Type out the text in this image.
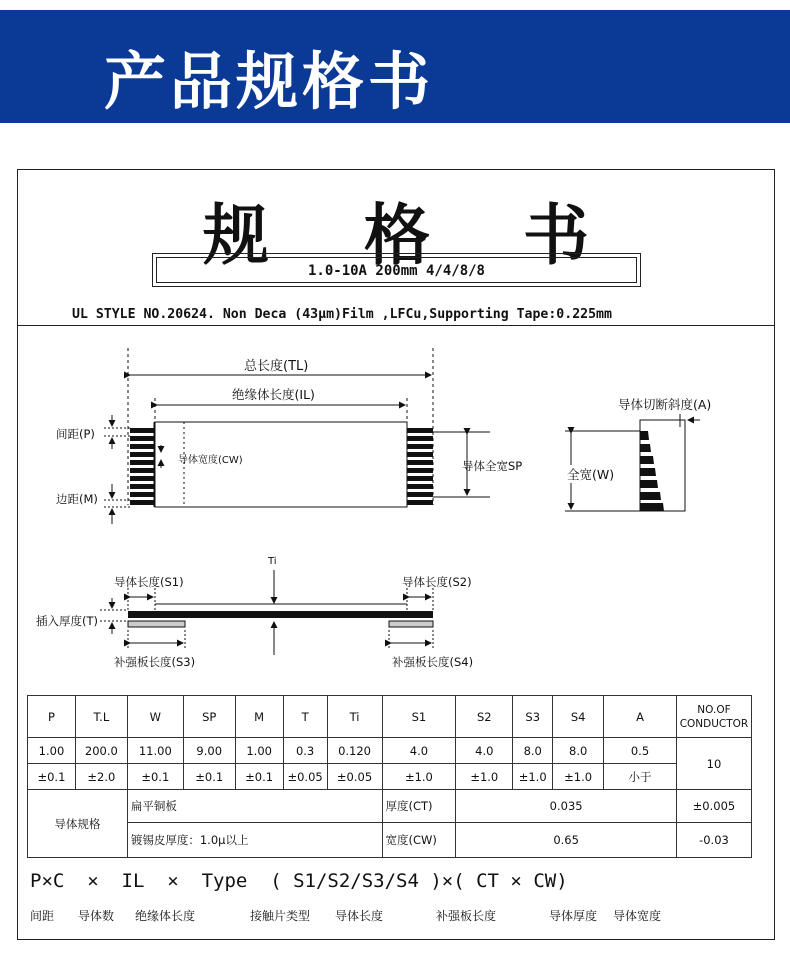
产品规格书
规 格 书
1.0-10A 200mm 4/4/8/8
UL STYLE NO.20624. Non Deca (43μm)Film ,LFCu,Supporting Tape:0.225mm
总长度(TL)
绝缘体长度(IL)
间距(P)
边距(M)
导体宽度(CW)	导体全宽SP
全宽(W)
导体切断斜度(A)
Ti
导体长度(S1)	导体长度(S2)
插入厚度(T)
补强板长度(S3)	补强板长度(S4)
P	T.L	W	SP	M	T	Ti	S1	S2	S3	S4	A	NO.OF CONDUCTOR
1.00	200.0	11.00	9.00	1.00	0.3	0.120	4.0	4.0	8.0	8.0	0.5	10
±0.1	±2.0	±0.1	±0.1	±0.1	±0.05	±0.05	±1.0	±1.0	±1.0	±1.0	小于	
导体规格		扁平铜板					厚度(CT)	0.035				±0.005
		镀锡皮厚度：1.0μ以上					宽度(CW)	0.65				-0.03
P×C  ×  IL  ×  Type  ( S1/S2/S3/S4 )×( CT × CW)
间距 导体数 绝缘体长度	接触片类型 导体长度	补强板长度	导体厚度 导体宽度
